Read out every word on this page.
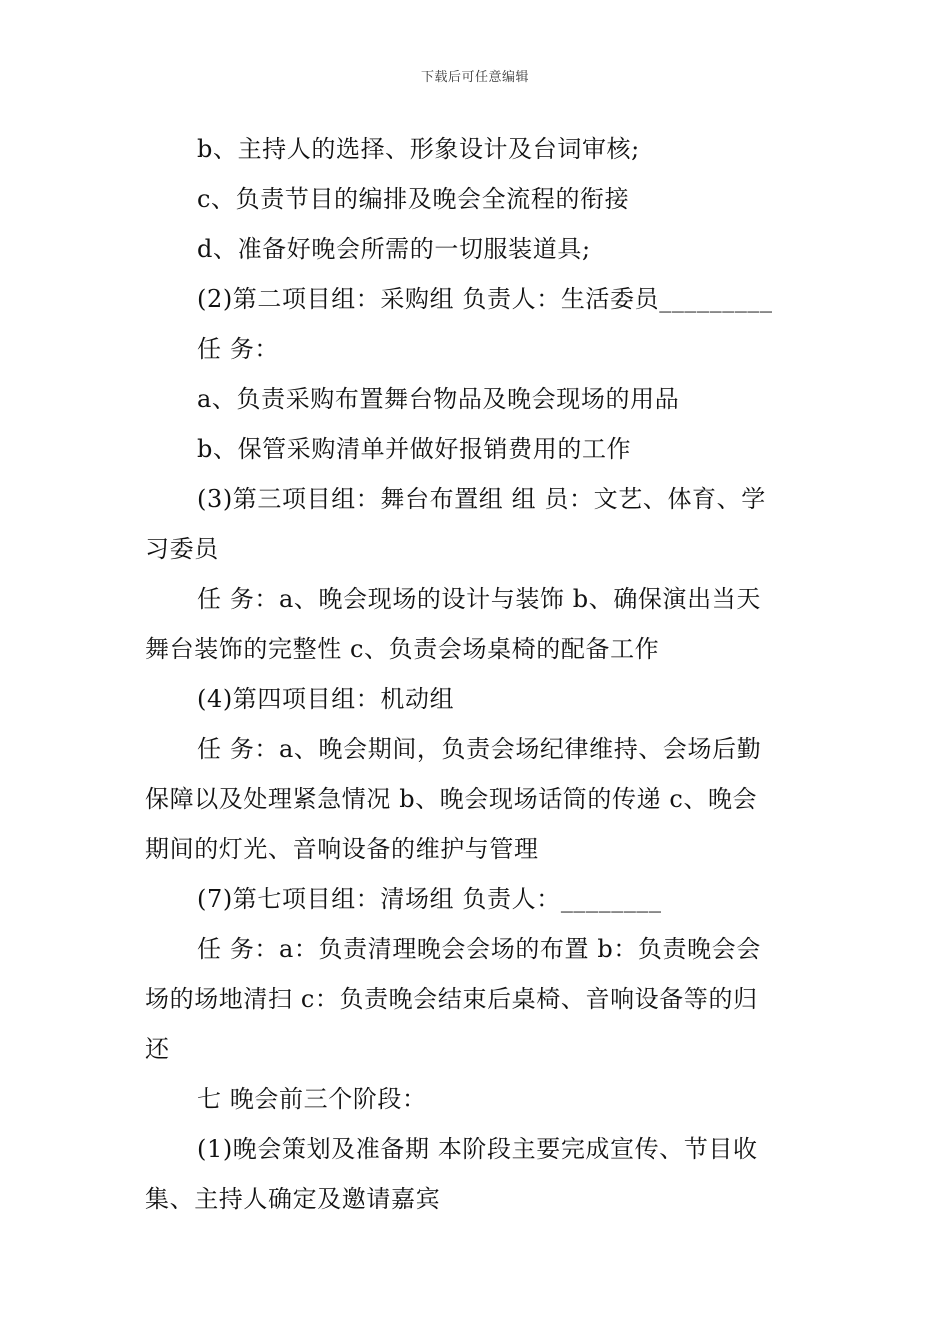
下载后可任意编辑
b、主持人的选择、形象设计及台词审核;
c、负责节目的编排及晚会全流程的衔接
d、准备好晚会所需的一切服装道具;
(2)第二项目组：采购组 负责人：生活委员_________
任 务：
a、负责采购布置舞台物品及晚会现场的用品
b、保管采购清单并做好报销费用的工作
(3)第三项目组：舞台布置组 组 员：文艺、体育、学
习委员
任 务：a、晚会现场的设计与装饰 b、确保演出当天
舞台装饰的完整性 c、负责会场桌椅的配备工作
(4)第四项目组：机动组
任 务：a、晚会期间，负责会场纪律维持、会场后勤
保障以及处理紧急情况 b、晚会现场话筒的传递 c、晚会
期间的灯光、音响设备的维护与管理
(7)第七项目组：清场组 负责人：________
任 务：a：负责清理晚会会场的布置 b：负责晚会会
场的场地清扫 c：负责晚会结束后桌椅、音响设备等的归
还
七 晚会前三个阶段：
(1)晚会策划及准备期 本阶段主要完成宣传、节目收
集、主持人确定及邀请嘉宾
